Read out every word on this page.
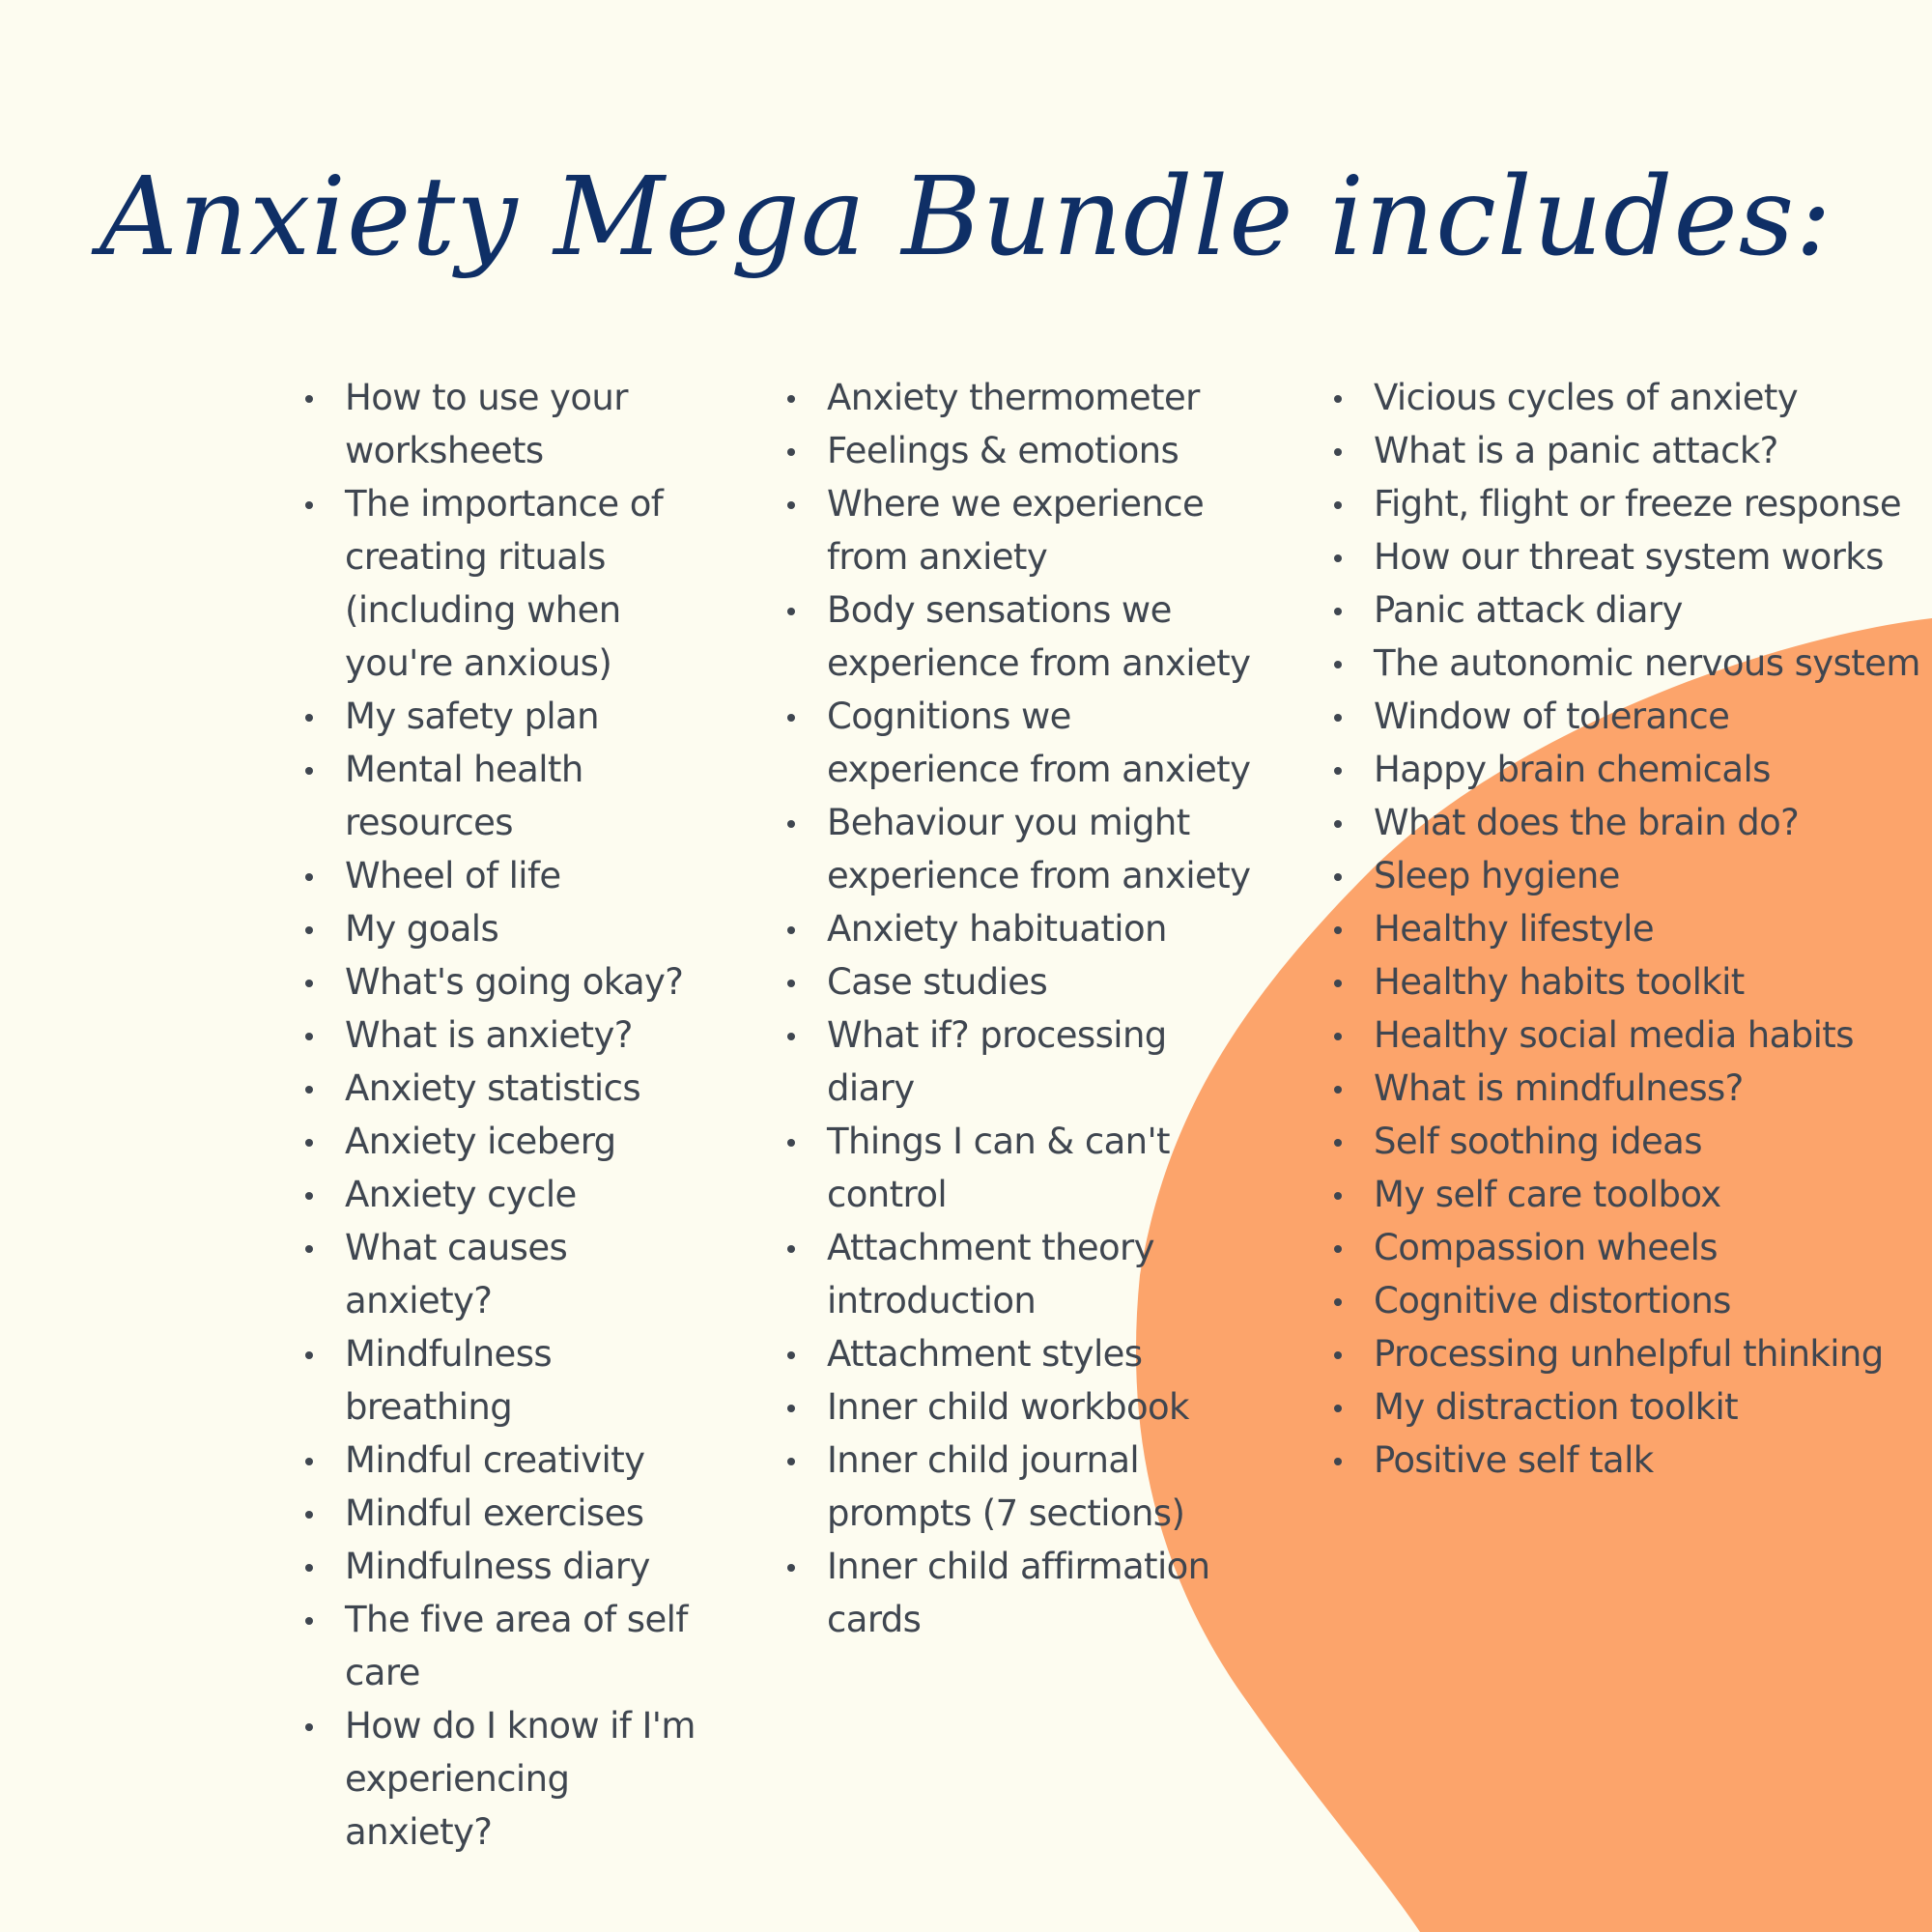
Anxiety Mega Bundle includes:
How to use your worksheets
The importance of creating rituals (including when you're anxious)
My safety plan
Mental health resources
Wheel of life
My goals
What's going okay?
What is anxiety?
Anxiety statistics
Anxiety iceberg
Anxiety cycle
What causes anxiety?
Mindfulness breathing
Mindful creativity
Mindful exercises
Mindfulness diary
The five area of self care
How do I know if I'm experiencing anxiety?
Anxiety thermometer
Feelings & emotions
Where we experience from anxiety
Body sensations we experience from anxiety
Cognitions we experience from anxiety
Behaviour you might experience from anxiety
Anxiety habituation
Case studies
What if? processing diary
Things I can & can't control
Attachment theory introduction
Attachment styles
Inner child workbook
Inner child journal prompts (7 sections)
Inner child affirmation cards
Vicious cycles of anxiety
What is a panic attack?
Fight, flight or freeze response
How our threat system works
Panic attack diary
The autonomic nervous system
Window of tolerance
Happy brain chemicals
What does the brain do?
Sleep hygiene
Healthy lifestyle
Healthy habits toolkit
Healthy social media habits
What is mindfulness?
Self soothing ideas
My self care toolbox
Compassion wheels
Cognitive distortions
Processing unhelpful thinking
My distraction toolkit
Positive self talk
